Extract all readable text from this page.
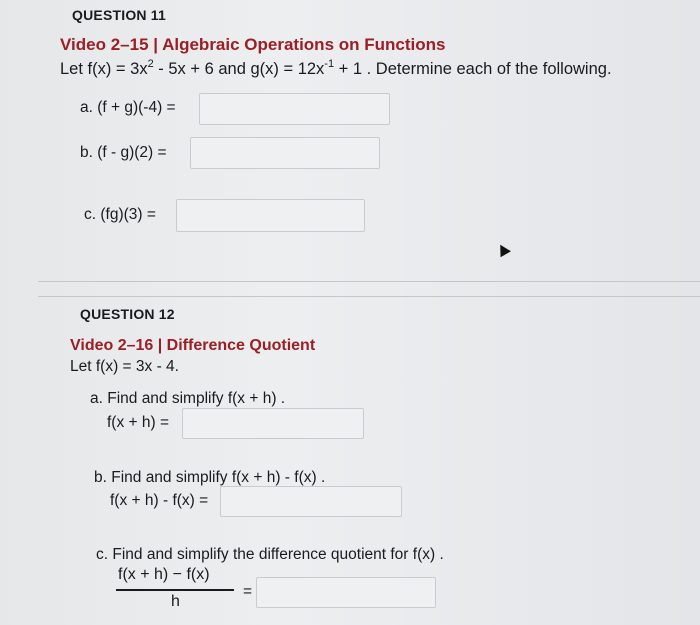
QUESTION 11
Video 2–15 | Algebraic Operations on Functions
Let $f(x) = 3x^2 - 5x + 6$ and $g(x) = 12x^{-1} + 1$ . Determine each of the following.
a. (f + g)(-4) =
b. (f - g)(2) =
c. (fg)(3) =
QUESTION 12
Video 2–16 | Difference Quotient
Let f(x) = 3x - 4.
a. Find and simplify f(x + h) .
f(x + h) =
b. Find and simplify f(x + h) - f(x) .
f(x + h) - f(x) =
c. Find and simplify the difference quotient for f(x) .
f(x + h) − f(x)
h
=
